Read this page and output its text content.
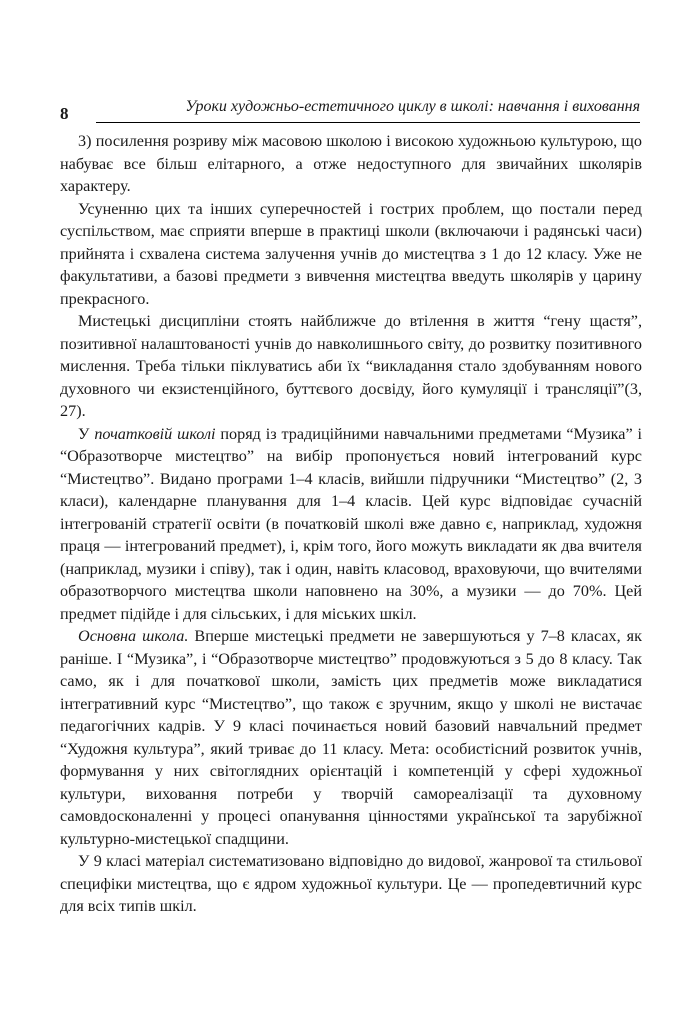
8	Уроки художньо-естетичного циклу в школі: навчання і виховання

3) посилення розриву між масовою школою і високою художньою культурою, що набуває все більш елітарного, а отже недоступного для звичайних школярів характеру.

Усуненню цих та інших суперечностей і гострих проблем, що постали перед суспільством, має сприяти вперше в практиці школи (включаючи і радянські часи) прийнята і схвалена система залучення учнів до мистецтва з 1 до 12 класу. Уже не факультативи, а базові предмети з вивчення мистецтва введуть школярів у царину прекрасного.

Мистецькі дисципліни стоять найближче до втілення в життя “гену щастя”, позитивної налаштованості учнів до навколишнього світу, до розвитку позитивного мислення. Треба тільки піклуватись аби їх “викладання стало здобуванням нового духовного чи екзистенційного, буттєвого досвіду, його кумуляції і трансляції”(3, 27).

У початковій школі поряд із традиційними навчальними предметами “Музика” і “Образотворче мистецтво” на вибір пропонується новий інтегрований курс “Мистецтво”. Видано програми 1–4 класів, вийшли підручники “Мистецтво” (2, 3 класи), календарне планування для 1–4 класів. Цей курс відповідає сучасній інтегрованій стратегії освіти (в початковій школі вже давно є, наприклад, художня праця — інтегрований предмет), і, крім того, його можуть викладати як два вчителя (наприклад, музики і співу), так і один, навіть класовод, враховуючи, що вчителями образотворчого мистецтва школи наповнено на 30%, а музики — до 70%. Цей предмет підійде і для сільських, і для міських шкіл.

Основна школа. Вперше мистецькі предмети не завершуються у 7–8 класах, як раніше. І “Музика”, і “Образотворче мистецтво” продовжуються з 5 до 8 класу. Так само, як і для початкової школи, замість цих предметів може викладатися інтегративний курс “Мистецтво”, що також є зручним, якщо у школі не вистачає педагогічних кадрів. У 9 класі починається новий базовий навчальний предмет “Художня культура”, який триває до 11 класу. Мета: особистісний розвиток учнів, формування у них світоглядних орієнтацій і компетенцій у сфері художньої культури, виховання потреби у творчій самореалізації та духовному самовдосконаленні у процесі опанування цінностями української та зарубіжної культурно-мистецької спадщини.

У 9 класі матеріал систематизовано відповідно до видової, жанрової та стильової специфіки мистецтва, що є ядром художньої культури. Це — пропедевтичний курс для всіх типів шкіл.
